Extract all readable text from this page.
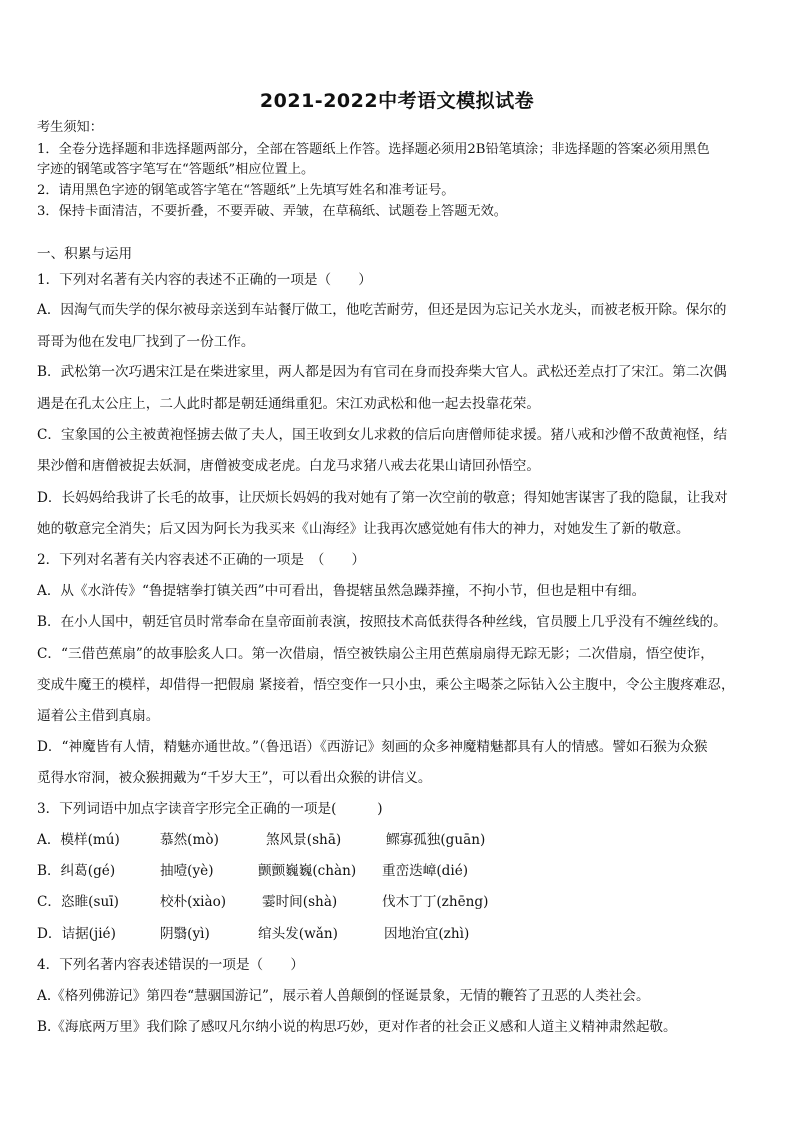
2021-2022中考语文模拟试卷
考生须知：
1．全卷分选择题和非选择题两部分，全部在答题纸上作答。选择题必须用2B铅笔填涂；非选择题的答案必须用黑色
字迹的钢笔或答字笔写在“答题纸”相应位置上。
2．请用黑色字迹的钢笔或答字笔在“答题纸”上先填写姓名和准考证号。
3．保持卡面清洁，不要折叠，不要弄破、弄皱，在草稿纸、试题卷上答题无效。
一、积累与运用
1．下列对名著有关内容的表述不正确的一项是（　　）
A．因淘气而失学的保尔被母亲送到车站餐厅做工，他吃苦耐劳，但还是因为忘记关水龙头，而被老板开除。保尔的
哥哥为他在发电厂找到了一份工作。
B．武松第一次巧遇宋江是在柴进家里，两人都是因为有官司在身而投奔柴大官人。武松还差点打了宋江。第二次偶
遇是在孔太公庄上，二人此时都是朝廷通缉重犯。宋江劝武松和他一起去投靠花荣。
C．宝象国的公主被黄袍怪掳去做了夫人，国王收到女儿求救的信后向唐僧师徒求援。猪八戒和沙僧不敌黄袍怪，结
果沙僧和唐僧被捉去妖洞，唐僧被变成老虎。白龙马求猪八戒去花果山请回孙悟空。
D．长妈妈给我讲了长毛的故事，让厌烦长妈妈的我对她有了第一次空前的敬意；得知她害谋害了我的隐鼠，让我对
她的敬意完全消失；后又因为阿长为我买来《山海经》让我再次感觉她有伟大的神力，对她发生了新的敬意。
2．下列对名著有关内容表述不正确的一项是　（　　）
A．从《水浒传》“鲁提辖拳打镇关西”中可看出，鲁提辖虽然急躁莽撞，不拘小节，但也是粗中有细。
B．在小人国中，朝廷官员时常奉命在皇帝面前表演，按照技术高低获得各种丝线，官员腰上几乎没有不缠丝线的。
C．“三借芭蕉扇”的故事脍炙人口。第一次借扇，悟空被铁扇公主用芭蕉扇扇得无踪无影；二次借扇，悟空使诈，
变成牛魔王的模样，却借得一把假扇 紧接着，悟空变作一只小虫，乘公主喝茶之际钻入公主腹中，令公主腹疼难忍，
逼着公主借到真扇。
D．“神魔皆有人情，精魅亦通世故。”（鲁迅语）《西游记》刻画的众多神魔精魅都具有人的情感。譬如石猴为众猴
觅得水帘洞，被众猴拥戴为“千岁大王”，可以看出众猴的讲信义。
3．下列词语中加点字读音字形完全正确的一项是(　　　)
A．模样(mú)	慕然(mò)	煞风景(shā)	鳏寡孤独(guān)
B．纠葛(gé)	抽噎(yè)	颤颤巍巍(chàn) 重峦迭嶂(dié)
C．恣睢(suī)	校朴(xiào)	霎时间(shà)	伐木丁丁(zhēng)
D．诘据(jié)	阴翳(yì)	绾头发(wǎn)	因地治宜(zhì)
4．下列名著内容表述错误的一项是（　　）
A.《格列佛游记》第四卷“慧骃国游记”，展示着人兽颠倒的怪诞景象，无情的鞭笞了丑恶的人类社会。
B.《海底两万里》我们除了感叹凡尔纳小说的构思巧妙，更对作者的社会正义感和人道主义精神肃然起敬。
